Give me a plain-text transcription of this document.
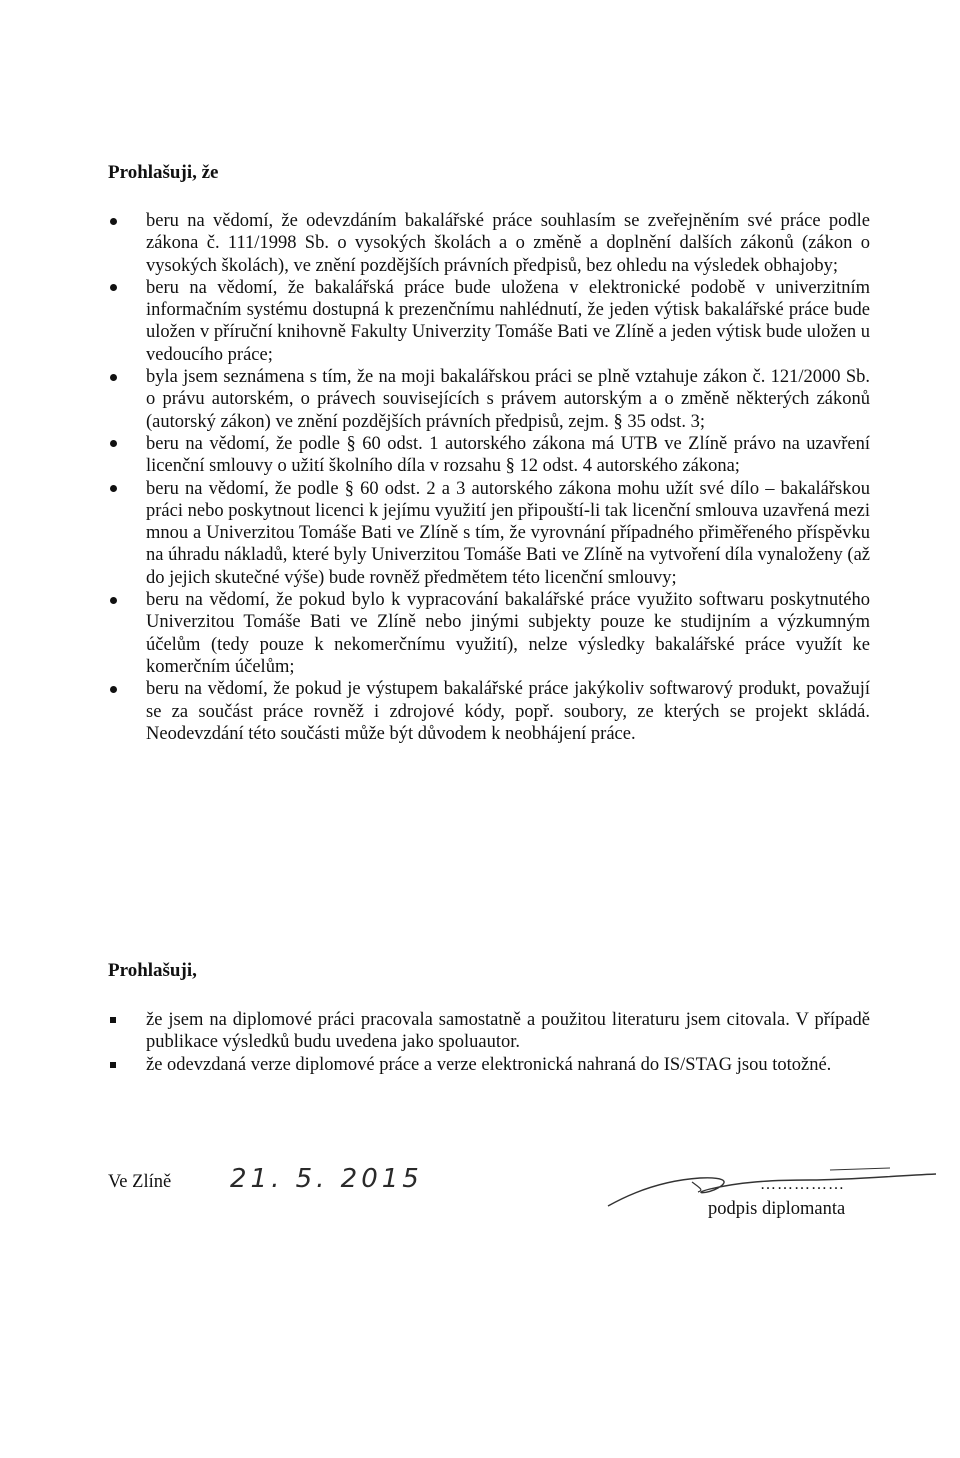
Prohlašuji, že
beru na vědomí, že odevzdáním bakalářské práce souhlasím se zveřejněním své práce podle zákona č. 111/1998 Sb. o vysokých školách a o změně a doplnění dalších zákonů (zákon o vysokých školách), ve znění pozdějších právních předpisů, bez ohledu na výsledek obhajoby;
beru na vědomí, že bakalářská práce bude uložena v elektronické podobě v univerzitním informačním systému dostupná k prezenčnímu nahlédnutí, že jeden výtisk bakalářské práce bude uložen v příruční knihovně Fakulty Univerzity Tomáše Bati ve Zlíně a jeden výtisk bude uložen u vedoucího práce;
byla jsem seznámena s tím, že na moji bakalářskou práci se plně vztahuje zákon č. 121/2000 Sb. o právu autorském, o právech souvisejících s právem autorským a o změně některých zákonů (autorský zákon) ve znění pozdějších právních předpisů, zejm. § 35 odst. 3;
beru na vědomí, že podle § 60 odst. 1 autorského zákona má UTB ve Zlíně právo na uzavření licenční smlouvy o užití školního díla v rozsahu § 12 odst. 4 autorského zákona;
beru na vědomí, že podle § 60 odst. 2 a 3 autorského zákona mohu užít své dílo – bakalářskou práci nebo poskytnout licenci k jejímu využití jen připouští-li tak licenční smlouva uzavřená mezi mnou a Univerzitou Tomáše Bati ve Zlíně s tím, že vyrovnání případného přiměřeného příspěvku na úhradu nákladů, které byly Univerzitou Tomáše Bati ve Zlíně na vytvoření díla vynaloženy (až do jejich skutečné výše) bude rovněž předmětem této licenční smlouvy;
beru na vědomí, že pokud bylo k vypracování bakalářské práce využito softwaru poskytnutého Univerzitou Tomáše Bati ve Zlíně nebo jinými subjekty pouze ke studijním a výzkumným účelům (tedy pouze k nekomerčnímu využití), nelze výsledky bakalářské práce využít ke komerčním účelům;
beru na vědomí, že pokud je výstupem bakalářské práce jakýkoliv softwarový produkt, považují se za součást práce rovněž i zdrojové kódy, popř. soubory, ze kterých se projekt skládá. Neodevzdání této součásti může být důvodem k neobhájení práce.
Prohlašuji,
že jsem na diplomové práci pracovala samostatně a použitou literaturu jsem citovala. V případě publikace výsledků budu uvedena jako spoluautor.
že odevzdaná verze diplomové práce a verze elektronická nahraná do IS/STAG jsou totožné.

Ve Zlíně 21. 5. 2015	……………

podpis diplomanta
